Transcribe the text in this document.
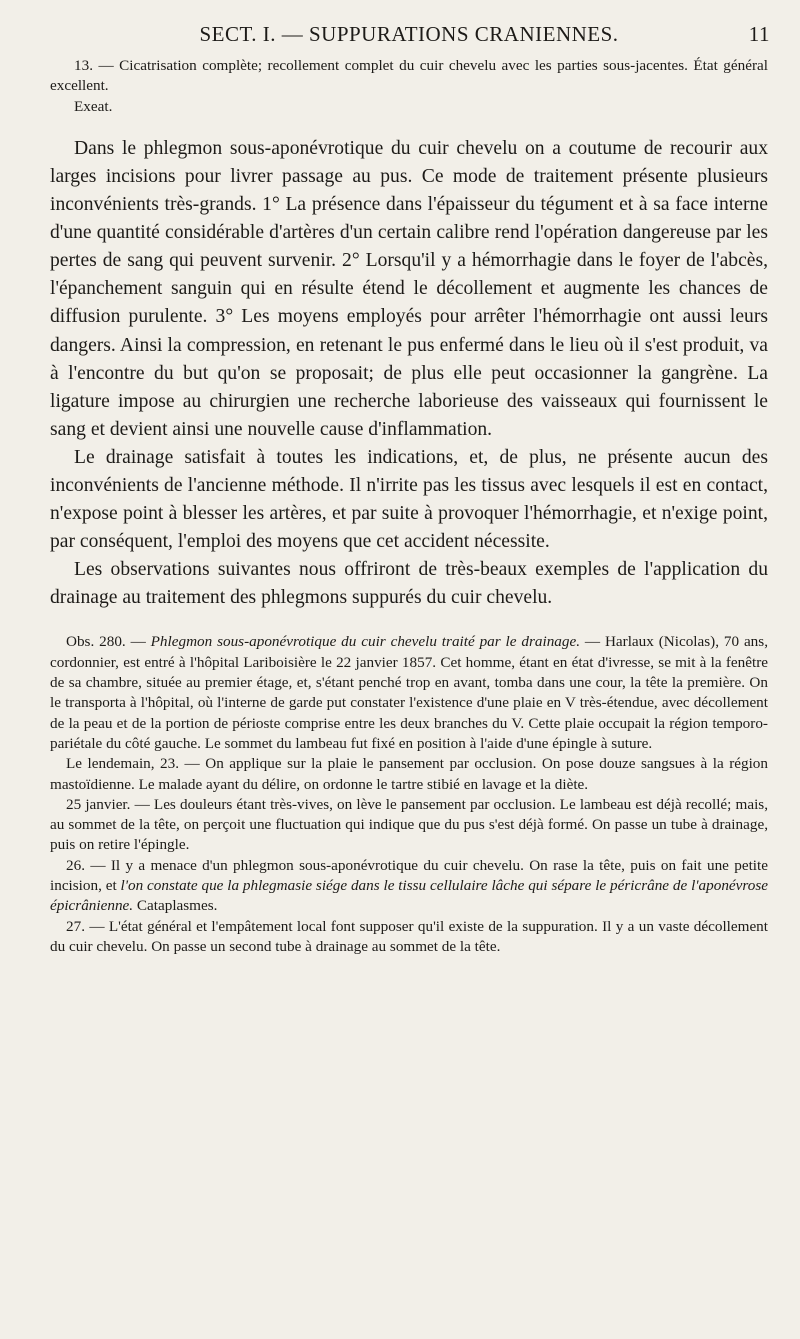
SECT. I. — SUPPURATIONS CRANIENNES.	11

13. — Cicatrisation complète; recollement complet du cuir chevelu avec les parties sous-jacentes. État général excellent.

Exeat.

Dans le phlegmon sous-aponévrotique du cuir chevelu on a coutume de recourir aux larges incisions pour livrer passage au pus. Ce mode de traitement présente plusieurs inconvénients très-grands. 1° La présence dans l'épaisseur du tégument et à sa face interne d'une quantité considérable d'artères d'un certain calibre rend l'opération dangereuse par les pertes de sang qui peuvent survenir. 2° Lorsqu'il y a hémorrhagie dans le foyer de l'abcès, l'épanchement sanguin qui en résulte étend le décollement et augmente les chances de diffusion purulente. 3° Les moyens employés pour arrêter l'hémorrhagie ont aussi leurs dangers. Ainsi la compression, en retenant le pus enfermé dans le lieu où il s'est produit, va à l'encontre du but qu'on se proposait; de plus elle peut occasionner la gangrène. La ligature impose au chirurgien une recherche laborieuse des vaisseaux qui fournissent le sang et devient ainsi une nouvelle cause d'inflammation.

Le drainage satisfait à toutes les indications, et, de plus, ne présente aucun des inconvénients de l'ancienne méthode. Il n'irrite pas les tissus avec lesquels il est en contact, n'expose point à blesser les artères, et par suite à provoquer l'hémorrhagie, et n'exige point, par conséquent, l'emploi des moyens que cet accident nécessite.

Les observations suivantes nous offriront de très-beaux exemples de l'application du drainage au traitement des phlegmons suppurés du cuir chevelu.

Obs. 280. — Phlegmon sous-aponévrotique du cuir chevelu traité par le drainage. — Harlaux (Nicolas), 70 ans, cordonnier, est entré à l'hôpital Lariboisière le 22 janvier 1857. Cet homme, étant en état d'ivresse, se mit à la fenêtre de sa chambre, située au premier étage, et, s'étant penché trop en avant, tomba dans une cour, la tête la première. On le transporta à l'hôpital, où l'interne de garde put constater l'existence d'une plaie en V très-étendue, avec décollement de la peau et de la portion de périoste comprise entre les deux branches du V. Cette plaie occupait la région temporo-pariétale du côté gauche. Le sommet du lambeau fut fixé en position à l'aide d'une épingle à suture.

Le lendemain, 23. — On applique sur la plaie le pansement par occlusion. On pose douze sangsues à la région mastoïdienne. Le malade ayant du délire, on ordonne le tartre stibié en lavage et la diète.

25 janvier. — Les douleurs étant très-vives, on lève le pansement par occlusion. Le lambeau est déjà recollé; mais, au sommet de la tête, on perçoit une fluctuation qui indique que du pus s'est déjà formé. On passe un tube à drainage, puis on retire l'épingle.

26. — Il y a menace d'un phlegmon sous-aponévrotique du cuir chevelu. On rase la tête, puis on fait une petite incision, et l'on constate que la phlegmasie siége dans le tissu cellulaire lâche qui sépare le péricrâne de l'aponévrose épicrânienne. Cataplasmes.

27. — L'état général et l'empâtement local font supposer qu'il existe de la suppuration. Il y a un vaste décollement du cuir chevelu. On passe un second tube à drainage au sommet de la tête.
